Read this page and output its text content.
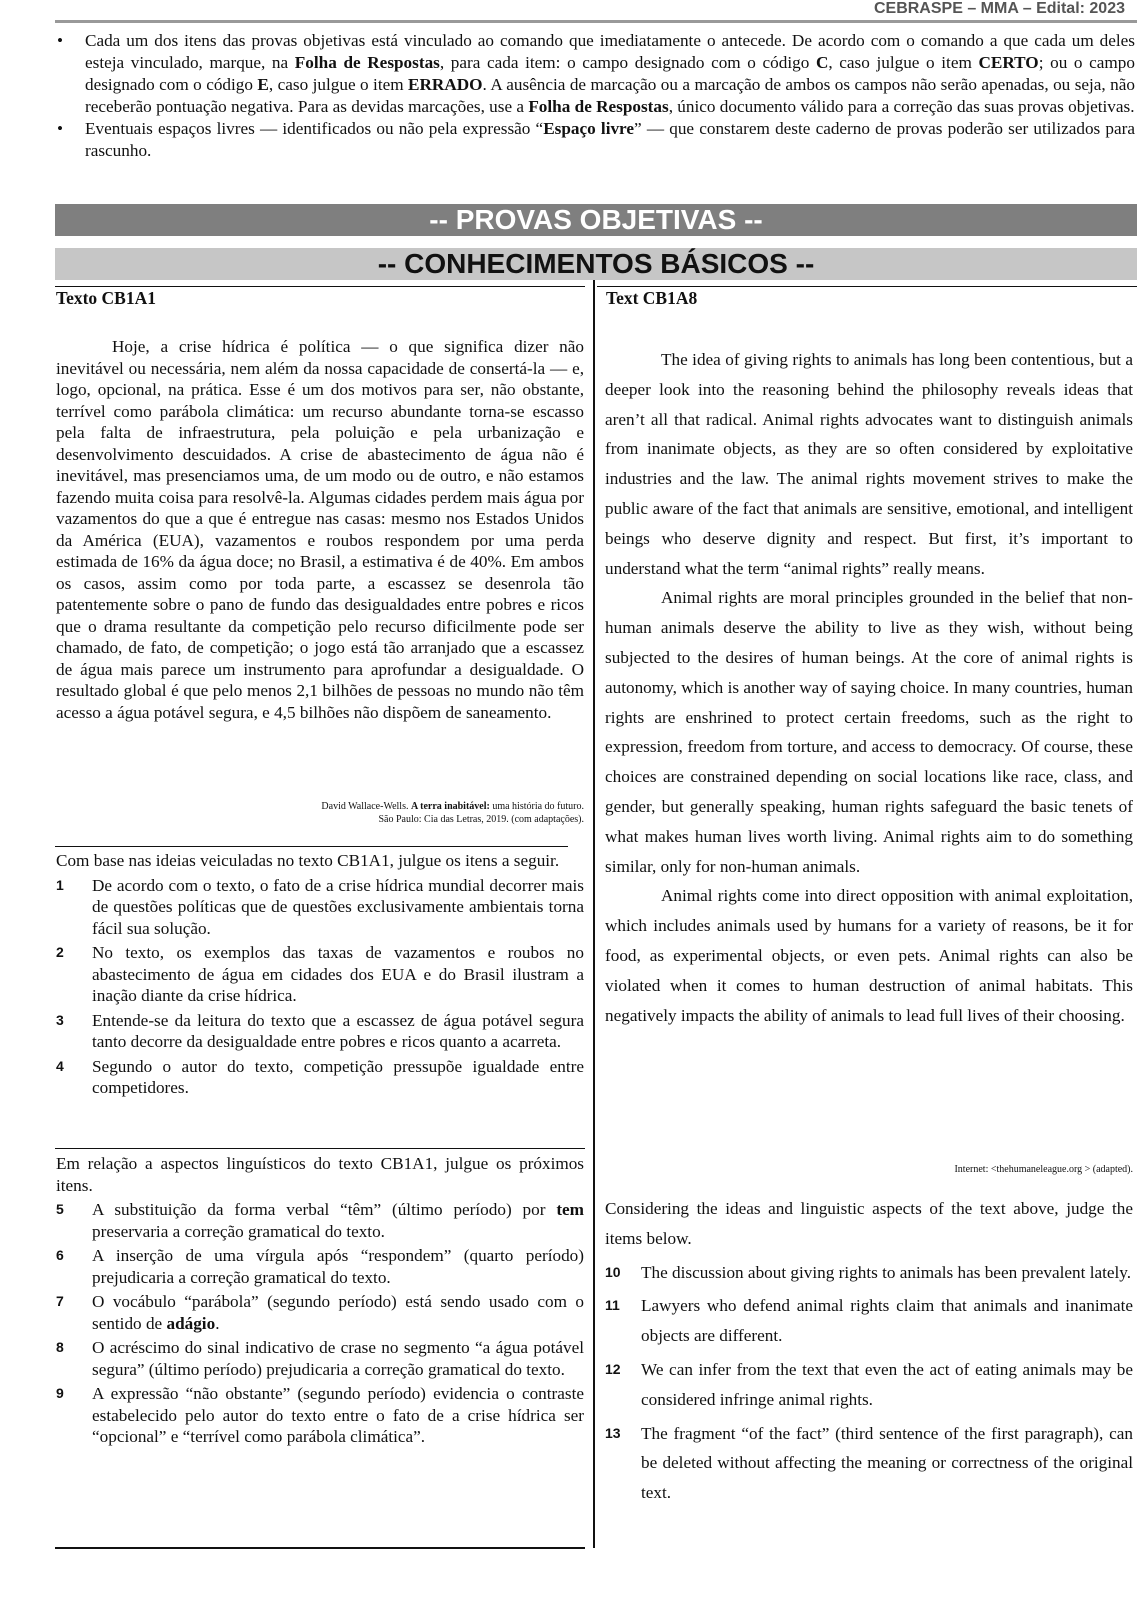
CEBRASPE – MMA – Edital: 2023
• Cada um dos itens das provas objetivas está vinculado ao comando que imediatamente o antecede. De acordo com o comando a que cada um deles esteja vinculado, marque, na Folha de Respostas, para cada item: o campo designado com o código C, caso julgue o item CERTO; ou o campo designado com o código E, caso julgue o item ERRADO. A ausência de marcação ou a marcação de ambos os campos não serão apenadas, ou seja, não receberão pontuação negativa. Para as devidas marcações, use a Folha de Respostas, único documento válido para a correção das suas provas objetivas.
• Eventuais espaços livres — identificados ou não pela expressão “Espaço livre” — que constarem deste caderno de provas poderão ser utilizados para rascunho.
-- PROVAS OBJETIVAS --
-- CONHECIMENTOS BÁSICOS --
Texto CB1A1

Hoje, a crise hídrica é política — o que significa dizer não inevitável ou necessária, nem além da nossa capacidade de consertá-la — e, logo, opcional, na prática. Esse é um dos motivos para ser, não obstante, terrível como parábola climática: um recurso abundante torna-se escasso pela falta de infraestrutura, pela poluição e pela urbanização e desenvolvimento descuidados. A crise de abastecimento de água não é inevitável, mas presenciamos uma, de um modo ou de outro, e não estamos fazendo muita coisa para resolvê-la. Algumas cidades perdem mais água por vazamentos do que a que é entregue nas casas: mesmo nos Estados Unidos da América (EUA), vazamentos e roubos respondem por uma perda estimada de 16% da água doce; no Brasil, a estimativa é de 40%. Em ambos os casos, assim como por toda parte, a escassez se desenrola tão patentemente sobre o pano de fundo das desigualdades entre pobres e ricos que o drama resultante da competição pelo recurso dificilmente pode ser chamado, de fato, de competição; o jogo está tão arranjado que a escassez de água mais parece um instrumento para aprofundar a desigualdade. O resultado global é que pelo menos 2,1 bilhões de pessoas no mundo não têm acesso a água potável segura, e 4,5 bilhões não dispõem de saneamento.

David Wallace-Wells. A terra inabitável: uma história do futuro.
São Paulo: Cia das Letras, 2019. (com adaptações).
Com base nas ideias veiculadas no texto CB1A1, julgue os itens a seguir.
1 De acordo com o texto, o fato de a crise hídrica mundial decorrer mais de questões políticas que de questões exclusivamente ambientais torna fácil sua solução.
2 No texto, os exemplos das taxas de vazamentos e roubos no abastecimento de água em cidades dos EUA e do Brasil ilustram a inação diante da crise hídrica.
3 Entende-se da leitura do texto que a escassez de água potável segura tanto decorre da desigualdade entre pobres e ricos quanto a acarreta.
4 Segundo o autor do texto, competição pressupõe igualdade entre competidores.
Em relação a aspectos linguísticos do texto CB1A1, julgue os próximos itens.
5 A substituição da forma verbal “têm” (último período) por tem preservaria a correção gramatical do texto.
6 A inserção de uma vírgula após “respondem” (quarto período) prejudicaria a correção gramatical do texto.
7 O vocábulo “parábola” (segundo período) está sendo usado com o sentido de adágio.
8 O acréscimo do sinal indicativo de crase no segmento “a água potável segura” (último período) prejudicaria a correção gramatical do texto.
9 A expressão “não obstante” (segundo período) evidencia o contraste estabelecido pelo autor do texto entre o fato de a crise hídrica ser “opcional” e “terrível como parábola climática”.
Text CB1A8

The idea of giving rights to animals has long been contentious, but a deeper look into the reasoning behind the philosophy reveals ideas that aren’t all that radical. Animal rights advocates want to distinguish animals from inanimate objects, as they are so often considered by exploitative industries and the law. The animal rights movement strives to make the public aware of the fact that animals are sensitive, emotional, and intelligent beings who deserve dignity and respect. But first, it’s important to understand what the term “animal rights” really means.

Animal rights are moral principles grounded in the belief that non-human animals deserve the ability to live as they wish, without being subjected to the desires of human beings. At the core of animal rights is autonomy, which is another way of saying choice. In many countries, human rights are enshrined to protect certain freedoms, such as the right to expression, freedom from torture, and access to democracy. Of course, these choices are constrained depending on social locations like race, class, and gender, but generally speaking, human rights safeguard the basic tenets of what makes human lives worth living. Animal rights aim to do something similar, only for non-human animals.

Animal rights come into direct opposition with animal exploitation, which includes animals used by humans for a variety of reasons, be it for food, as experimental objects, or even pets. Animal rights can also be violated when it comes to human destruction of animal habitats. This negatively impacts the ability of animals to lead full lives of their choosing.

Internet: <thehumaneleague.org > (adapted).
Considering the ideas and linguistic aspects of the text above, judge the items below.
10 The discussion about giving rights to animals has been prevalent lately.
11 Lawyers who defend animal rights claim that animals and inanimate objects are different.
12 We can infer from the text that even the act of eating animals may be considered infringe animal rights.
13 The fragment “of the fact” (third sentence of the first paragraph), can be deleted without affecting the meaning or correctness of the original text.
